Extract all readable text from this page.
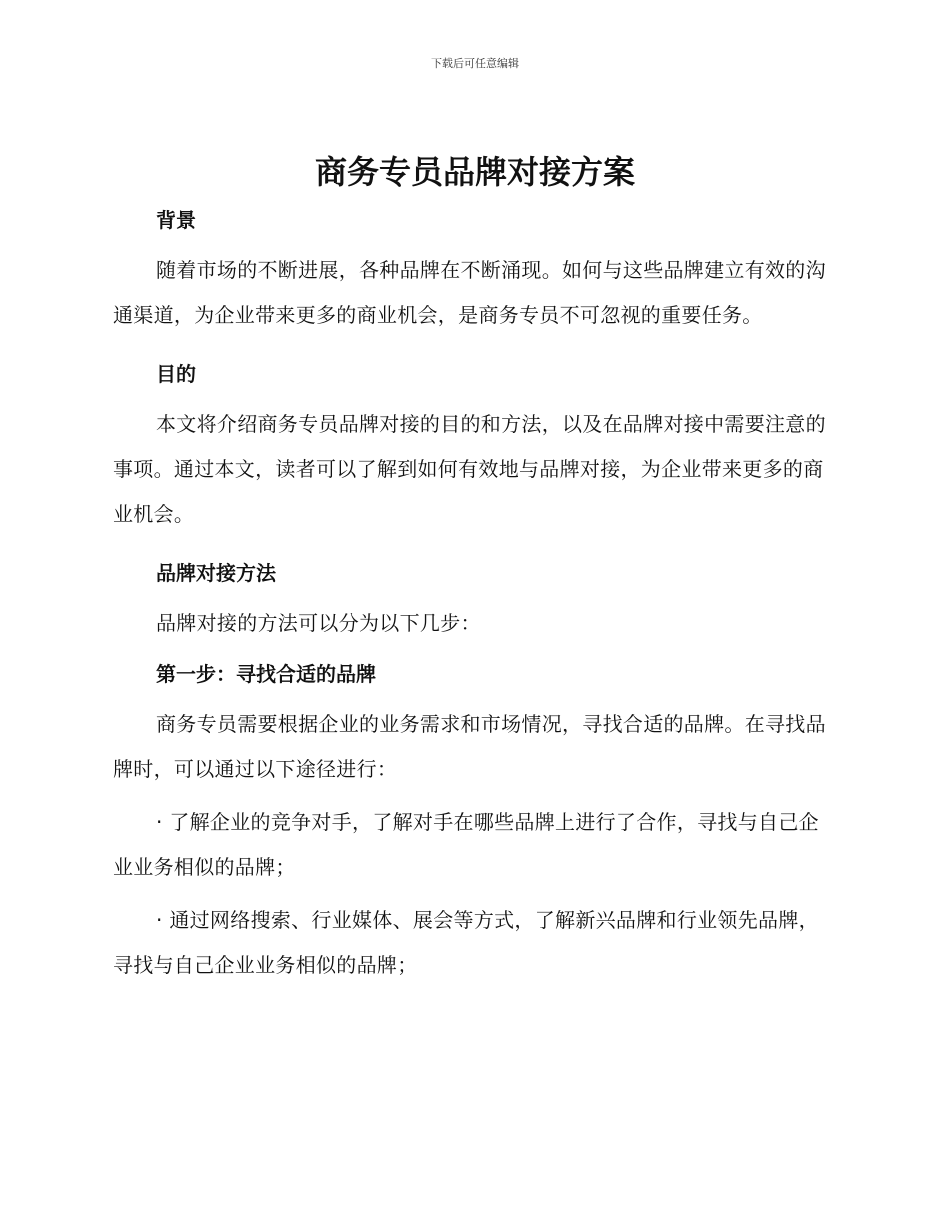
下载后可任意编辑
商务专员品牌对接方案

背景

随着市场的不断进展，各种品牌在不断涌现。如何与这些品牌建立有效的沟通渠道，为企业带来更多的商业机会，是商务专员不可忽视的重要任务。

目的

本文将介绍商务专员品牌对接的目的和方法，以及在品牌对接中需要注意的事项。通过本文，读者可以了解到如何有效地与品牌对接，为企业带来更多的商业机会。

品牌对接方法

品牌对接的方法可以分为以下几步：

第一步：寻找合适的品牌

商务专员需要根据企业的业务需求和市场情况，寻找合适的品牌。在寻找品牌时，可以通过以下途径进行：

· 了解企业的竞争对手，了解对手在哪些品牌上进行了合作，寻找与自己企业业务相似的品牌；

· 通过网络搜索、行业媒体、展会等方式，了解新兴品牌和行业领先品牌，寻找与自己企业业务相似的品牌；
